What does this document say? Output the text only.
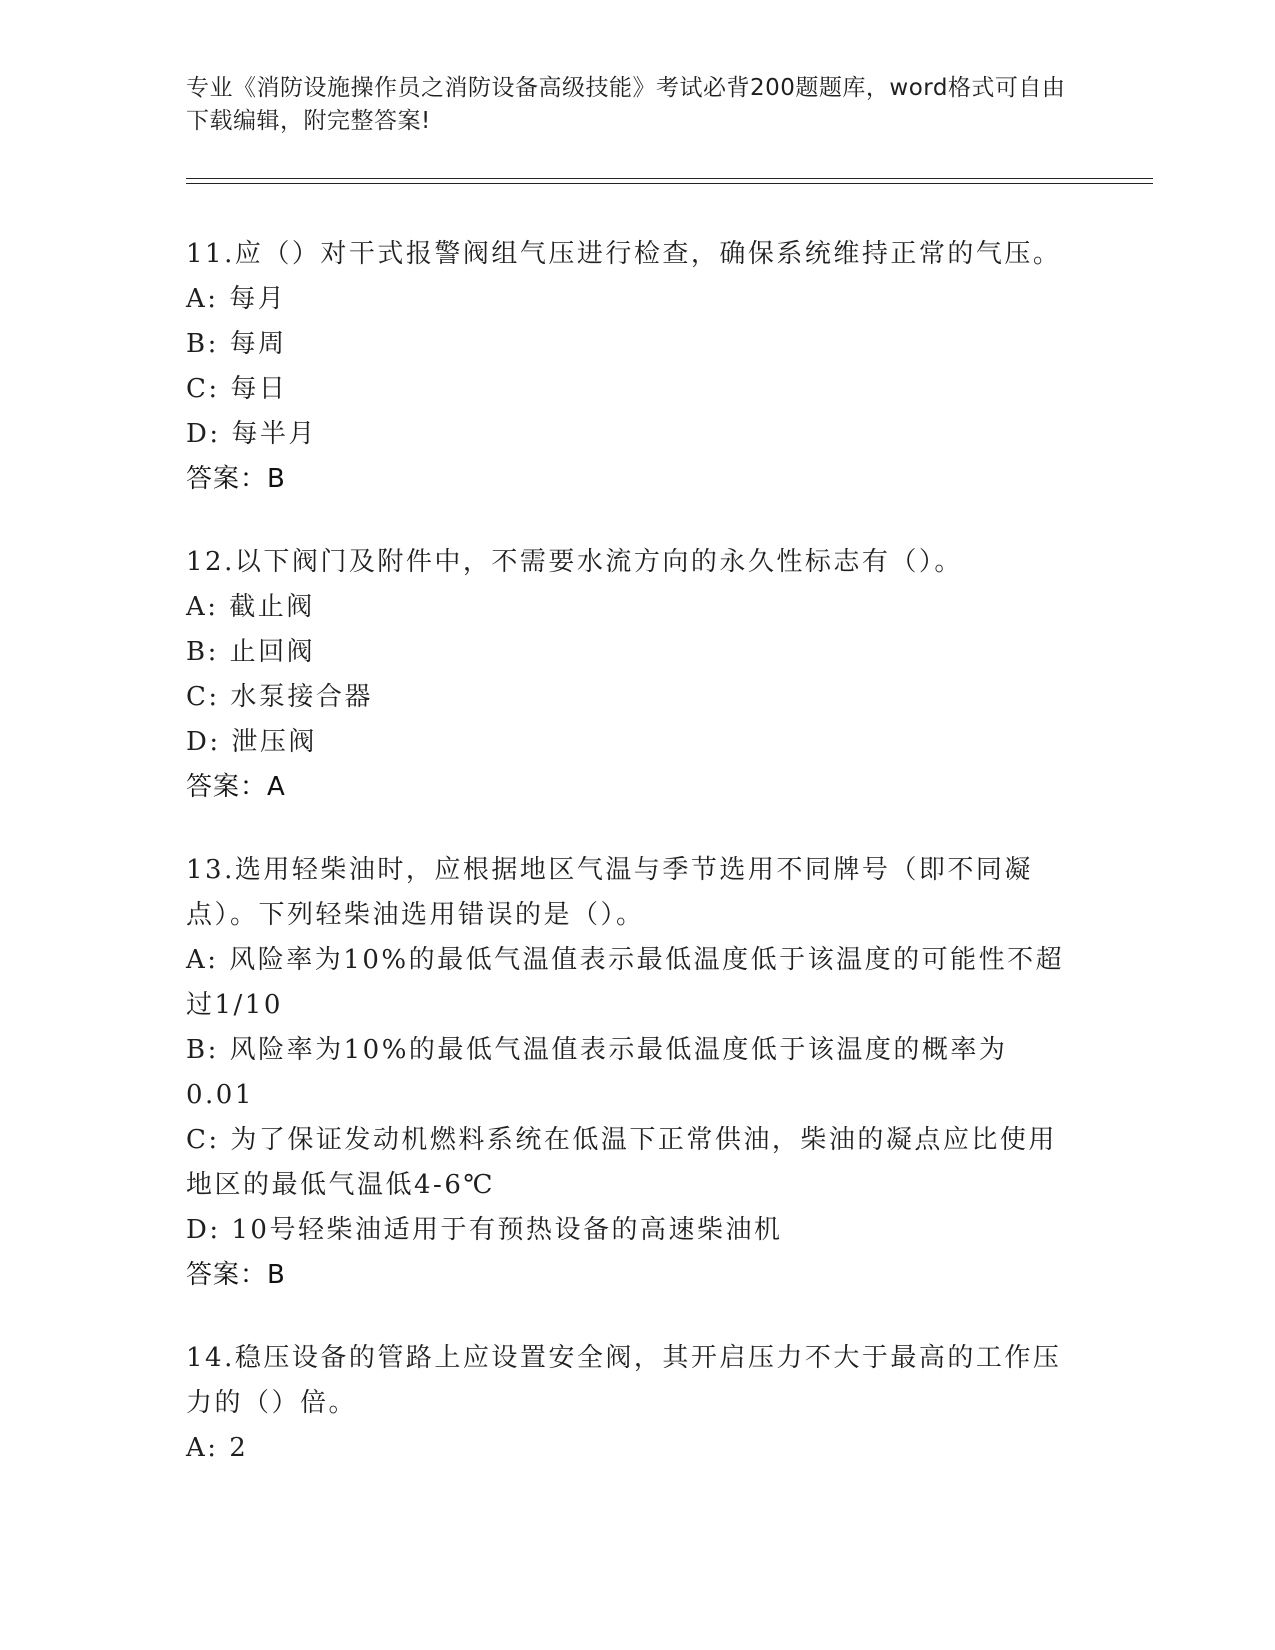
专业《消防设施操作员之消防设备高级技能》考试必背200题题库，word格式可自由下载编辑，附完整答案!

11.应（）对干式报警阀组气压进行检查，确保系统维持正常的气压。

A: 每月

B: 每周

C: 每日

D: 每半月

答案：B

12.以下阀门及附件中，不需要水流方向的永久性标志有（）。

A: 截止阀

B: 止回阀

C: 水泵接合器

D: 泄压阀

答案：A

13.选用轻柴油时，应根据地区气温与季节选用不同牌号（即不同凝点）。下列轻柴油选用错误的是（）。

A: 风险率为10%的最低气温值表示最低温度低于该温度的可能性不超过1/10

B: 风险率为10%的最低气温值表示最低温度低于该温度的概率为0.01

C: 为了保证发动机燃料系统在低温下正常供油，柴油的凝点应比使用地区的最低气温低4-6℃

D: 10号轻柴油适用于有预热设备的高速柴油机

答案：B

14.稳压设备的管路上应设置安全阀，其开启压力不大于最高的工作压力的（）倍。

A: 2
